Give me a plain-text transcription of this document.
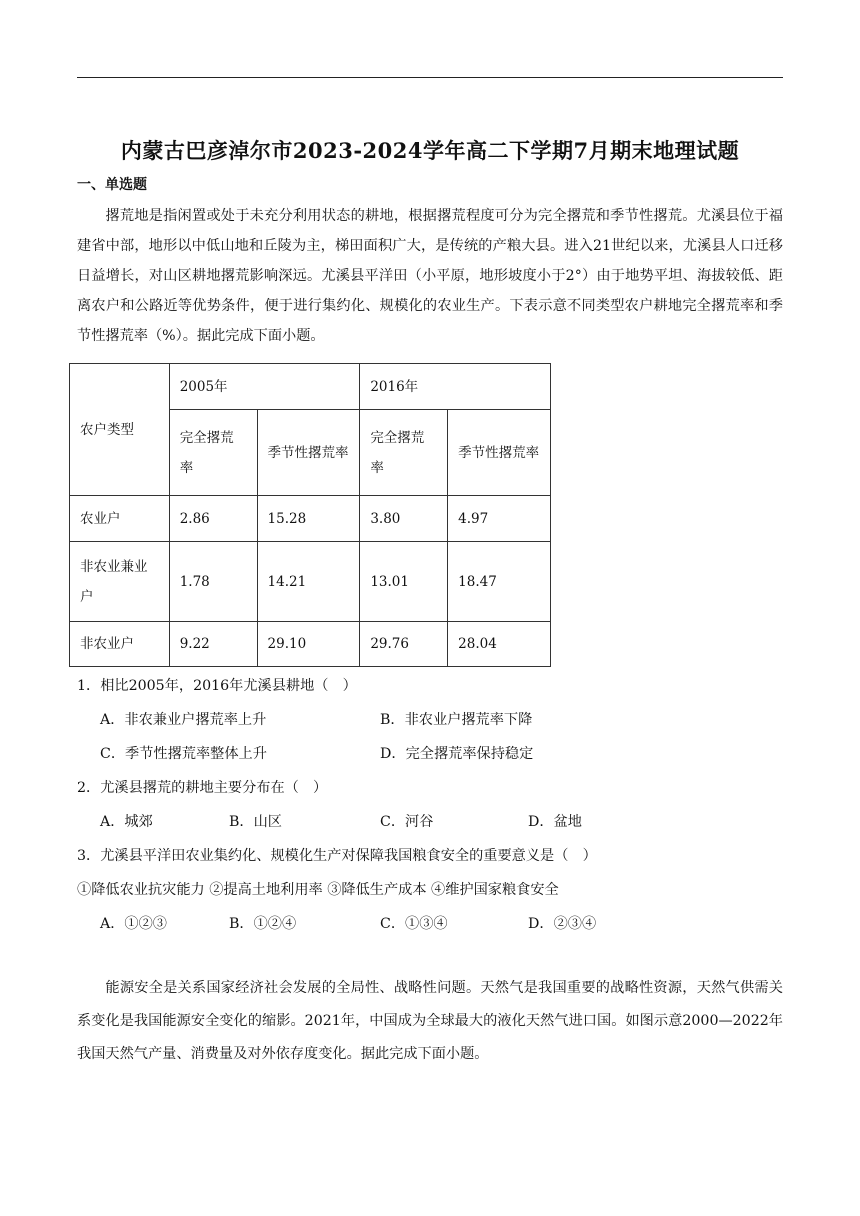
内蒙古巴彦淖尔市2023-2024学年高二下学期7月期末地理试题
一、单选题

撂荒地是指闲置或处于未充分利用状态的耕地，根据撂荒程度可分为完全撂荒和季节性撂荒。尤溪县位于福建省中部，地形以中低山地和丘陵为主，梯田面积广大，是传统的产粮大县。进入21世纪以来，尤溪县人口迁移日益增长，对山区耕地撂荒影响深远。尤溪县平洋田（小平原，地形坡度小于2°）由于地势平坦、海拔较低、距离农户和公路近等优势条件，便于进行集约化、规模化的农业生产。下表示意不同类型农户耕地完全撂荒率和季节性撂荒率（%）。据此完成下面小题。

农户类型	2005年		2016年	
	完全撂荒率	季节性撂荒率	完全撂荒率	季节性撂荒率
农业户	2.86	15.28	3.80	4.97
非农业兼业户	1.78	14.21	13.01	18.47
非农业户	9.22	29.10	29.76	28.04
1．相比2005年，2016年尤溪县耕地（　）
A．非农兼业户撂荒率上升	B．非农业户撂荒率下降
C．季节性撂荒率整体上升	D．完全撂荒率保持稳定
2．尤溪县撂荒的耕地主要分布在（　）
A．城郊	B．山区	C．河谷	D．盆地
3．尤溪县平洋田农业集约化、规模化生产对保障我国粮食安全的重要意义是（　）
①降低农业抗灾能力 ②提高土地利用率 ③降低生产成本 ④维护国家粮食安全
A．①②③	B．①②④	C．①③④	D．②③④

能源安全是关系国家经济社会发展的全局性、战略性问题。天然气是我国重要的战略性资源，天然气供需关系变化是我国能源安全变化的缩影。2021年，中国成为全球最大的液化天然气进口国。如图示意2000—2022年我国天然气产量、消费量及对外依存度变化。据此完成下面小题。
